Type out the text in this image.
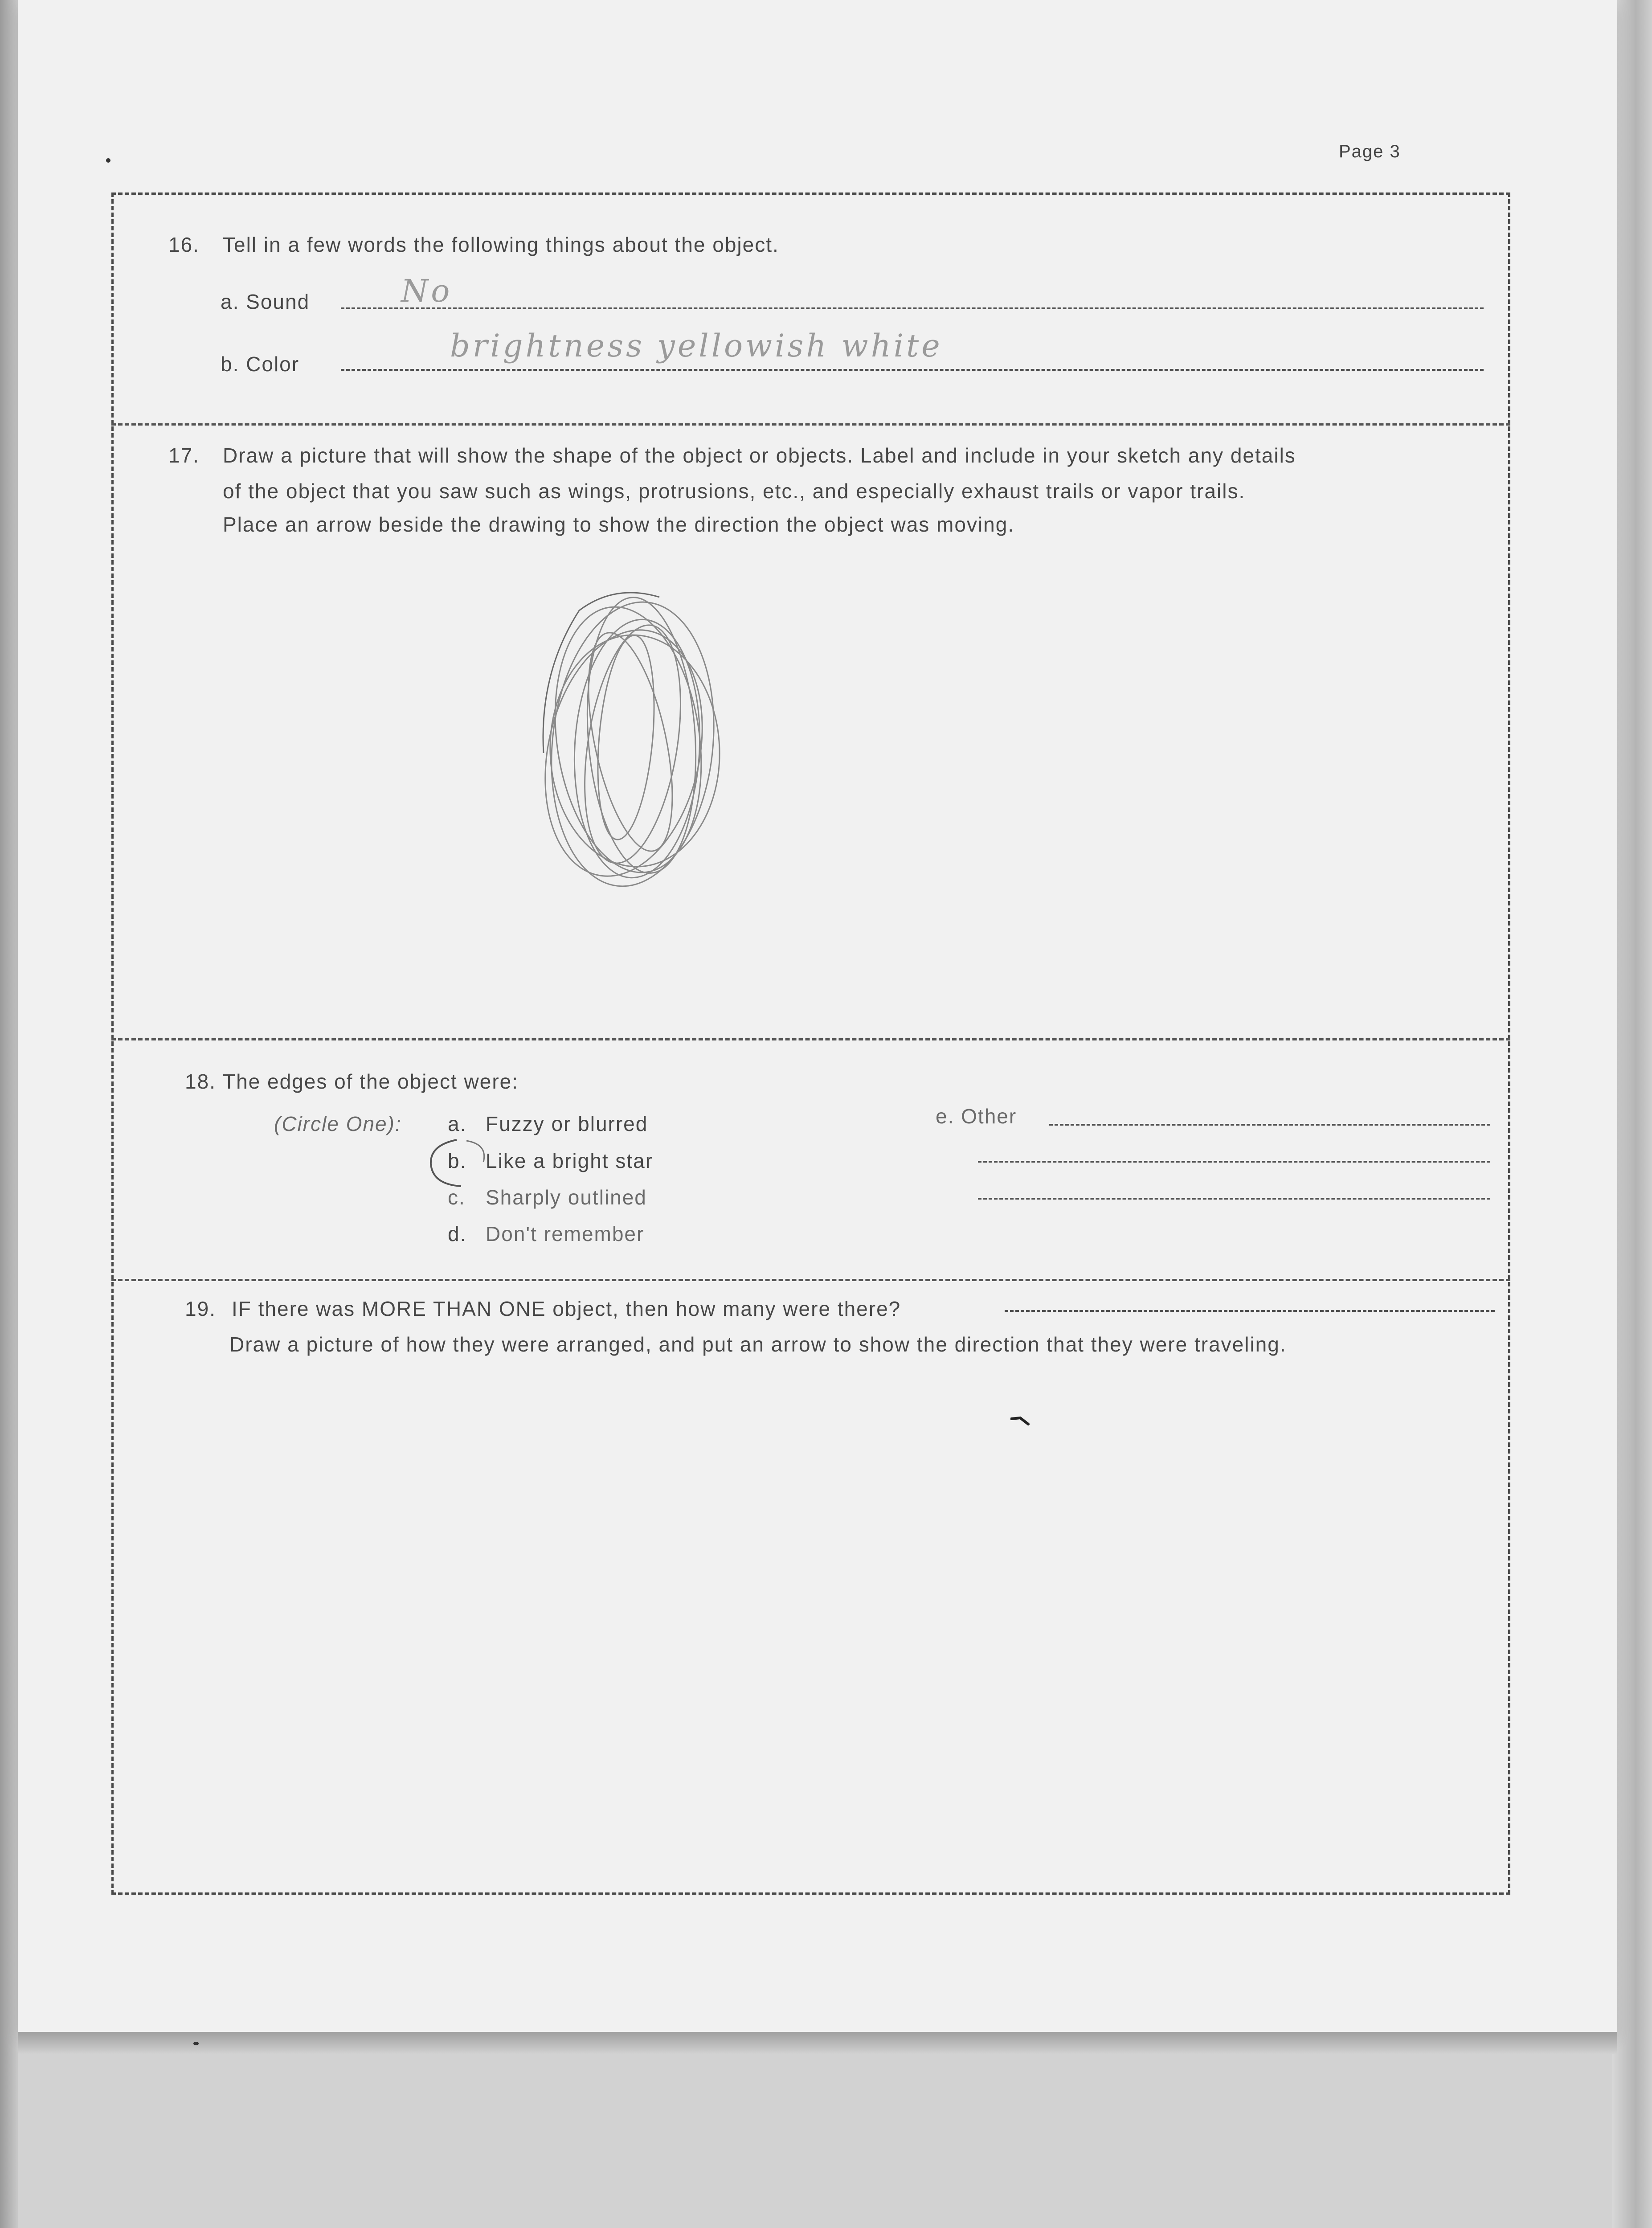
Page 3
16. Tell in a few words the following things about the object.
a. Sound	No
b. Color	brightness yellowish white
17. Draw a picture that will show the shape of the object or objects. Label and include in your sketch any details
of the object that you saw such as wings, protrusions, etc., and especially exhaust trails or vapor trails.
Place an arrow beside the drawing to show the direction the object was moving.
18. The edges of the object were:
(Circle One): a. Fuzzy or blurred
b. Like a bright star
c. Sharply outlined
d. Don't remember
e. Other
19. IF there was MORE THAN ONE object, then how many were there?
Draw a picture of how they were arranged, and put an arrow to show the direction that they were traveling.
